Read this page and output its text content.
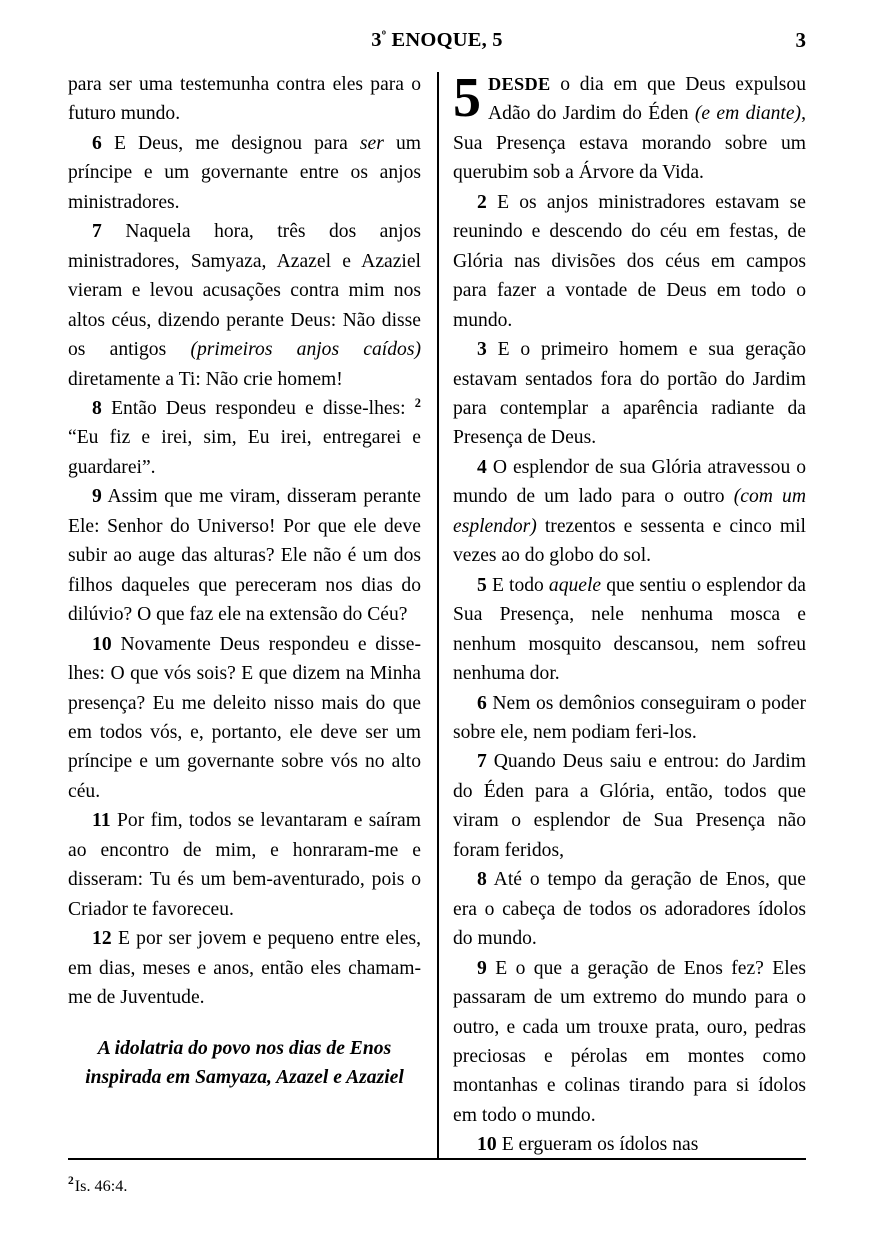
$3^º$ ENOQUE, 5	3

para ser uma testemunha contra eles para o futuro mundo.

6 E Deus, me designou para ser um príncipe e um governante entre os anjos ministradores.

7 Naquela hora, três dos anjos ministradores, Samyaza, Azazel e Azaziel vieram e levou acusações contra mim nos altos céus, dizendo perante Deus: Não disse os antigos (primeiros anjos caídos) diretamente a Ti: Não crie homem!

8 Então Deus respondeu e disse-lhes: $^2$ “Eu fiz e irei, sim, Eu irei, entregarei e guardarei”.

9 Assim que me viram, disseram perante Ele: Senhor do Universo! Por que ele deve subir ao auge das alturas? Ele não é um dos filhos daqueles que pereceram nos dias do dilúvio? O que faz ele na extensão do Céu?

10 Novamente Deus respondeu e disse-lhes: O que vós sois? E que dizem na Minha presença? Eu me deleito nisso mais do que em todos vós, e, portanto, ele deve ser um príncipe e um governante sobre vós no alto céu.

11 Por fim, todos se levantaram e saíram ao encontro de mim, e honraram-me e disseram: Tu és um bem-aventurado, pois o Criador te favoreceu.

12 E por ser jovem e pequeno entre eles, em dias, meses e anos, então eles chamam-me de Juventude.

A idolatria do povo nos dias de Enos inspirada em Samyaza, Azazel e Azaziel

5 DESDE o dia em que Deus expulsou Adão do Jardim do Éden (e em diante), Sua Presença estava morando sobre um querubim sob a Árvore da Vida.

2 E os anjos ministradores estavam se reunindo e descendo do céu em festas, de Glória nas divisões dos céus em campos para fazer a vontade de Deus em todo o mundo.

3 E o primeiro homem e sua geração estavam sentados fora do portão do Jardim para contemplar a aparência radiante da Presença de Deus.

4 O esplendor de sua Glória atravessou o mundo de um lado para o outro (com um esplendor) trezentos e sessenta e cinco mil vezes ao do globo do sol.

5 E todo aquele que sentiu o esplendor da Sua Presença, nele nenhuma mosca e nenhum mosquito descansou, nem sofreu nenhuma dor.

6 Nem os demônios conseguiram o poder sobre ele, nem podiam feri-los.

7 Quando Deus saiu e entrou: do Jardim do Éden para a Glória, então, todos que viram o esplendor de Sua Presença não foram feridos,

8 Até o tempo da geração de Enos, que era o cabeça de todos os adoradores ídolos do mundo.

9 E o que a geração de Enos fez? Eles passaram de um extremo do mundo para o outro, e cada um trouxe prata, ouro, pedras preciosas e pérolas em montes como montanhas e colinas tirando para si ídolos em todo o mundo.

10 E ergueram os ídolos nas

$^2$Is. 46:4.
